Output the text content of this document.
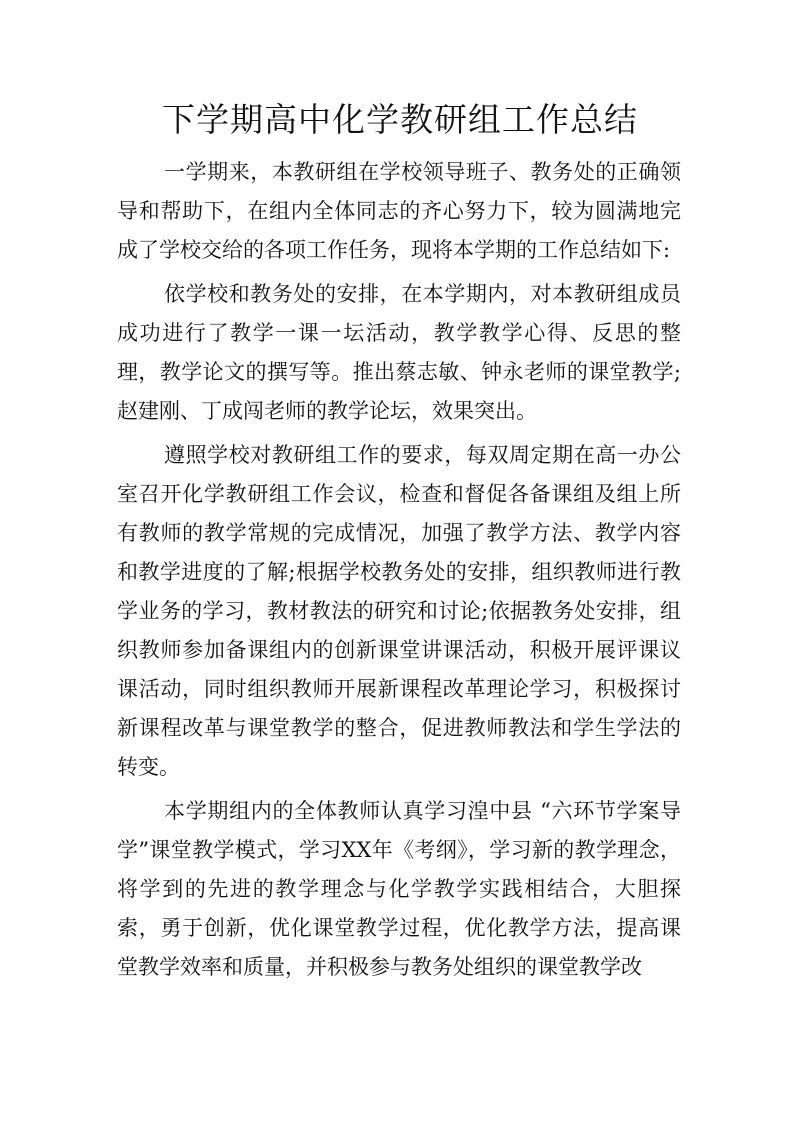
下学期高中化学教研组工作总结

一学期来，本教研组在学校领导班子、教务处的正确领导和帮助下，在组内全体同志的齐心努力下，较为圆满地完成了学校交给的各项工作任务，现将本学期的工作总结如下:

依学校和教务处的安排，在本学期内，对本教研组成员成功进行了教学一课一坛活动，教学教学心得、反思的整理，教学论文的撰写等。推出蔡志敏、钟永老师的课堂教学;赵建刚、丁成闯老师的教学论坛，效果突出。

遵照学校对教研组工作的要求，每双周定期在高一办公室召开化学教研组工作会议，检查和督促各备课组及组上所有教师的教学常规的完成情况，加强了教学方法、教学内容和教学进度的了解;根据学校教务处的安排，组织教师进行教学业务的学习，教材教法的研究和讨论;依据教务处安排，组织教师参加备课组内的创新课堂讲课活动，积极开展评课议课活动，同时组织教师开展新课程改革理论学习，积极探讨新课程改革与课堂教学的整合，促进教师教法和学生学法的转变。

本学期组内的全体教师认真学习湟中县 “六环节学案导学”课堂教学模式，学习XX年《考纲》，学习新的教学理念，将学到的先进的教学理念与化学教学实践相结合，大胆探索，勇于创新，优化课堂教学过程，优化教学方法，提高课堂教学效率和质量，并积极参与教务处组织的课堂教学改
